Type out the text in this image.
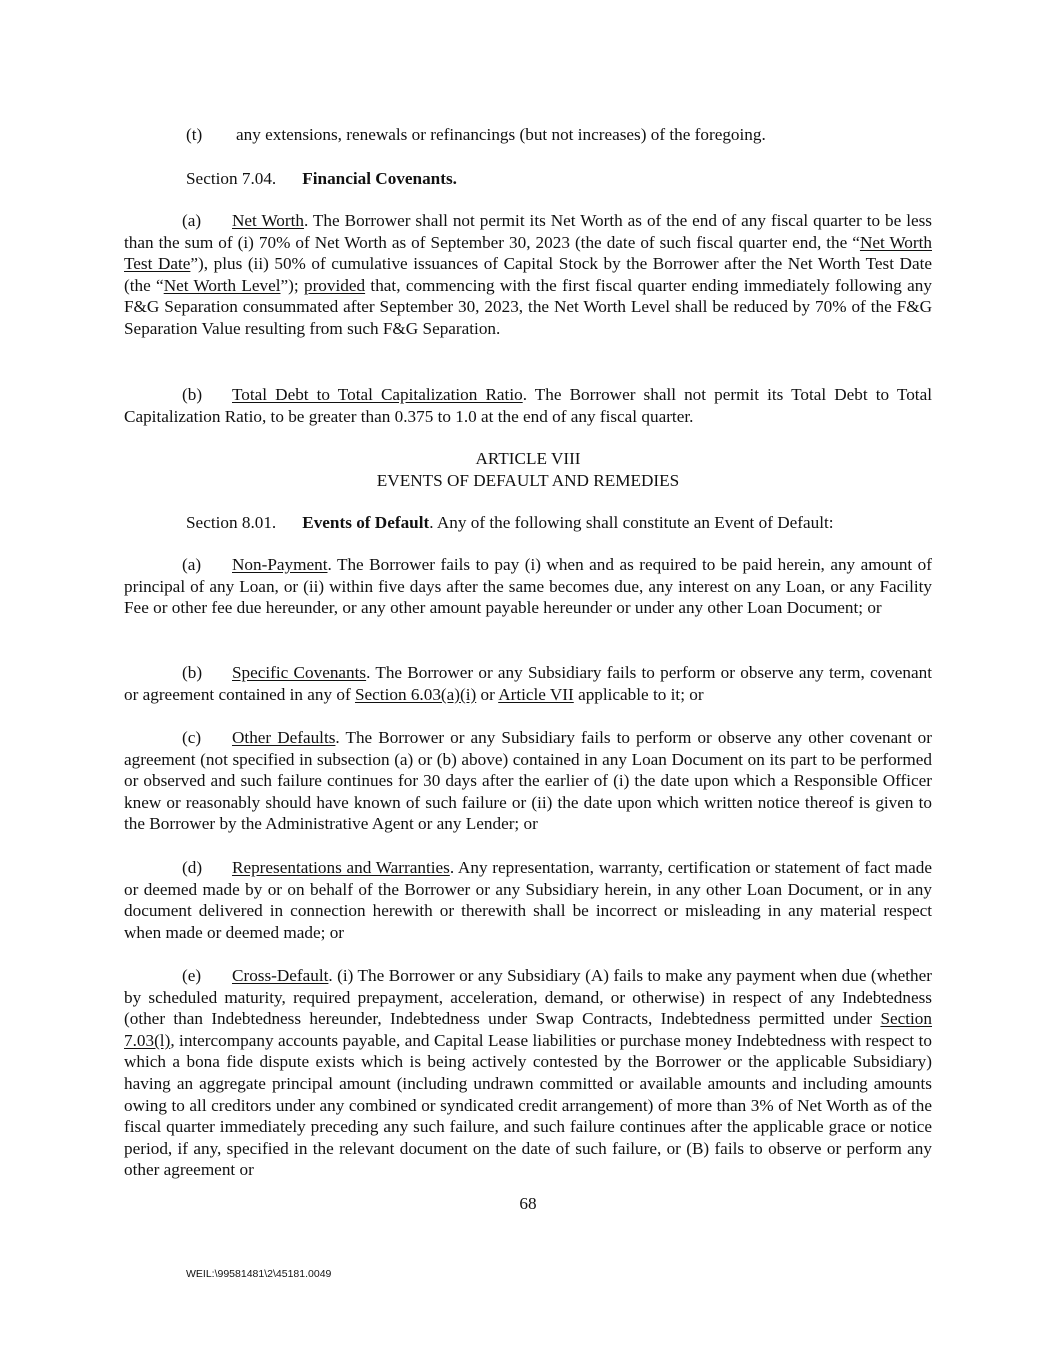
(t) any extensions, renewals or refinancings (but not increases) of the foregoing.

Section 7.04. Financial Covenants.

(a) Net Worth. The Borrower shall not permit its Net Worth as of the end of any fiscal quarter to be less than the sum of (i) 70% of Net Worth as of September 30, 2023 (the date of such fiscal quarter end, the “Net Worth Test Date”), plus (ii) 50% of cumulative issuances of Capital Stock by the Borrower after the Net Worth Test Date (the “Net Worth Level”); provided that, commencing with the first fiscal quarter ending immediately following any F&G Separation consummated after September 30, 2023, the Net Worth Level shall be reduced by 70% of the F&G Separation Value resulting from such F&G Separation.

(b) Total Debt to Total Capitalization Ratio. The Borrower shall not permit its Total Debt to Total Capitalization Ratio, to be greater than 0.375 to 1.0 at the end of any fiscal quarter.

ARTICLE VIII
EVENTS OF DEFAULT AND REMEDIES

Section 8.01. Events of Default. Any of the following shall constitute an Event of Default:

(a) Non-Payment. The Borrower fails to pay (i) when and as required to be paid herein, any amount of principal of any Loan, or (ii) within five days after the same becomes due, any interest on any Loan, or any Facility Fee or other fee due hereunder, or any other amount payable hereunder or under any other Loan Document; or

(b) Specific Covenants. The Borrower or any Subsidiary fails to perform or observe any term, covenant or agreement contained in any of Section 6.03(a)(i) or Article VII applicable to it; or

(c) Other Defaults. The Borrower or any Subsidiary fails to perform or observe any other covenant or agreement (not specified in subsection (a) or (b) above) contained in any Loan Document on its part to be performed or observed and such failure continues for 30 days after the earlier of (i) the date upon which a Responsible Officer knew or reasonably should have known of such failure or (ii) the date upon which written notice thereof is given to the Borrower by the Administrative Agent or any Lender; or

(d) Representations and Warranties. Any representation, warranty, certification or statement of fact made or deemed made by or on behalf of the Borrower or any Subsidiary herein, in any other Loan Document, or in any document delivered in connection herewith or therewith shall be incorrect or misleading in any material respect when made or deemed made; or

(e) Cross-Default. (i) The Borrower or any Subsidiary (A) fails to make any payment when due (whether by scheduled maturity, required prepayment, acceleration, demand, or otherwise) in respect of any Indebtedness (other than Indebtedness hereunder, Indebtedness under Swap Contracts, Indebtedness permitted under Section 7.03(l), intercompany accounts payable, and Capital Lease liabilities or purchase money Indebtedness with respect to which a bona fide dispute exists which is being actively contested by the Borrower or the applicable Subsidiary) having an aggregate principal amount (including undrawn committed or available amounts and including amounts owing to all creditors under any combined or syndicated credit arrangement) of more than 3% of Net Worth as of the fiscal quarter immediately preceding any such failure, and such failure continues after the applicable grace or notice period, if any, specified in the relevant document on the date of such failure, or (B) fails to observe or perform any other agreement or

68
WEIL:\99581481\2\45181.0049
